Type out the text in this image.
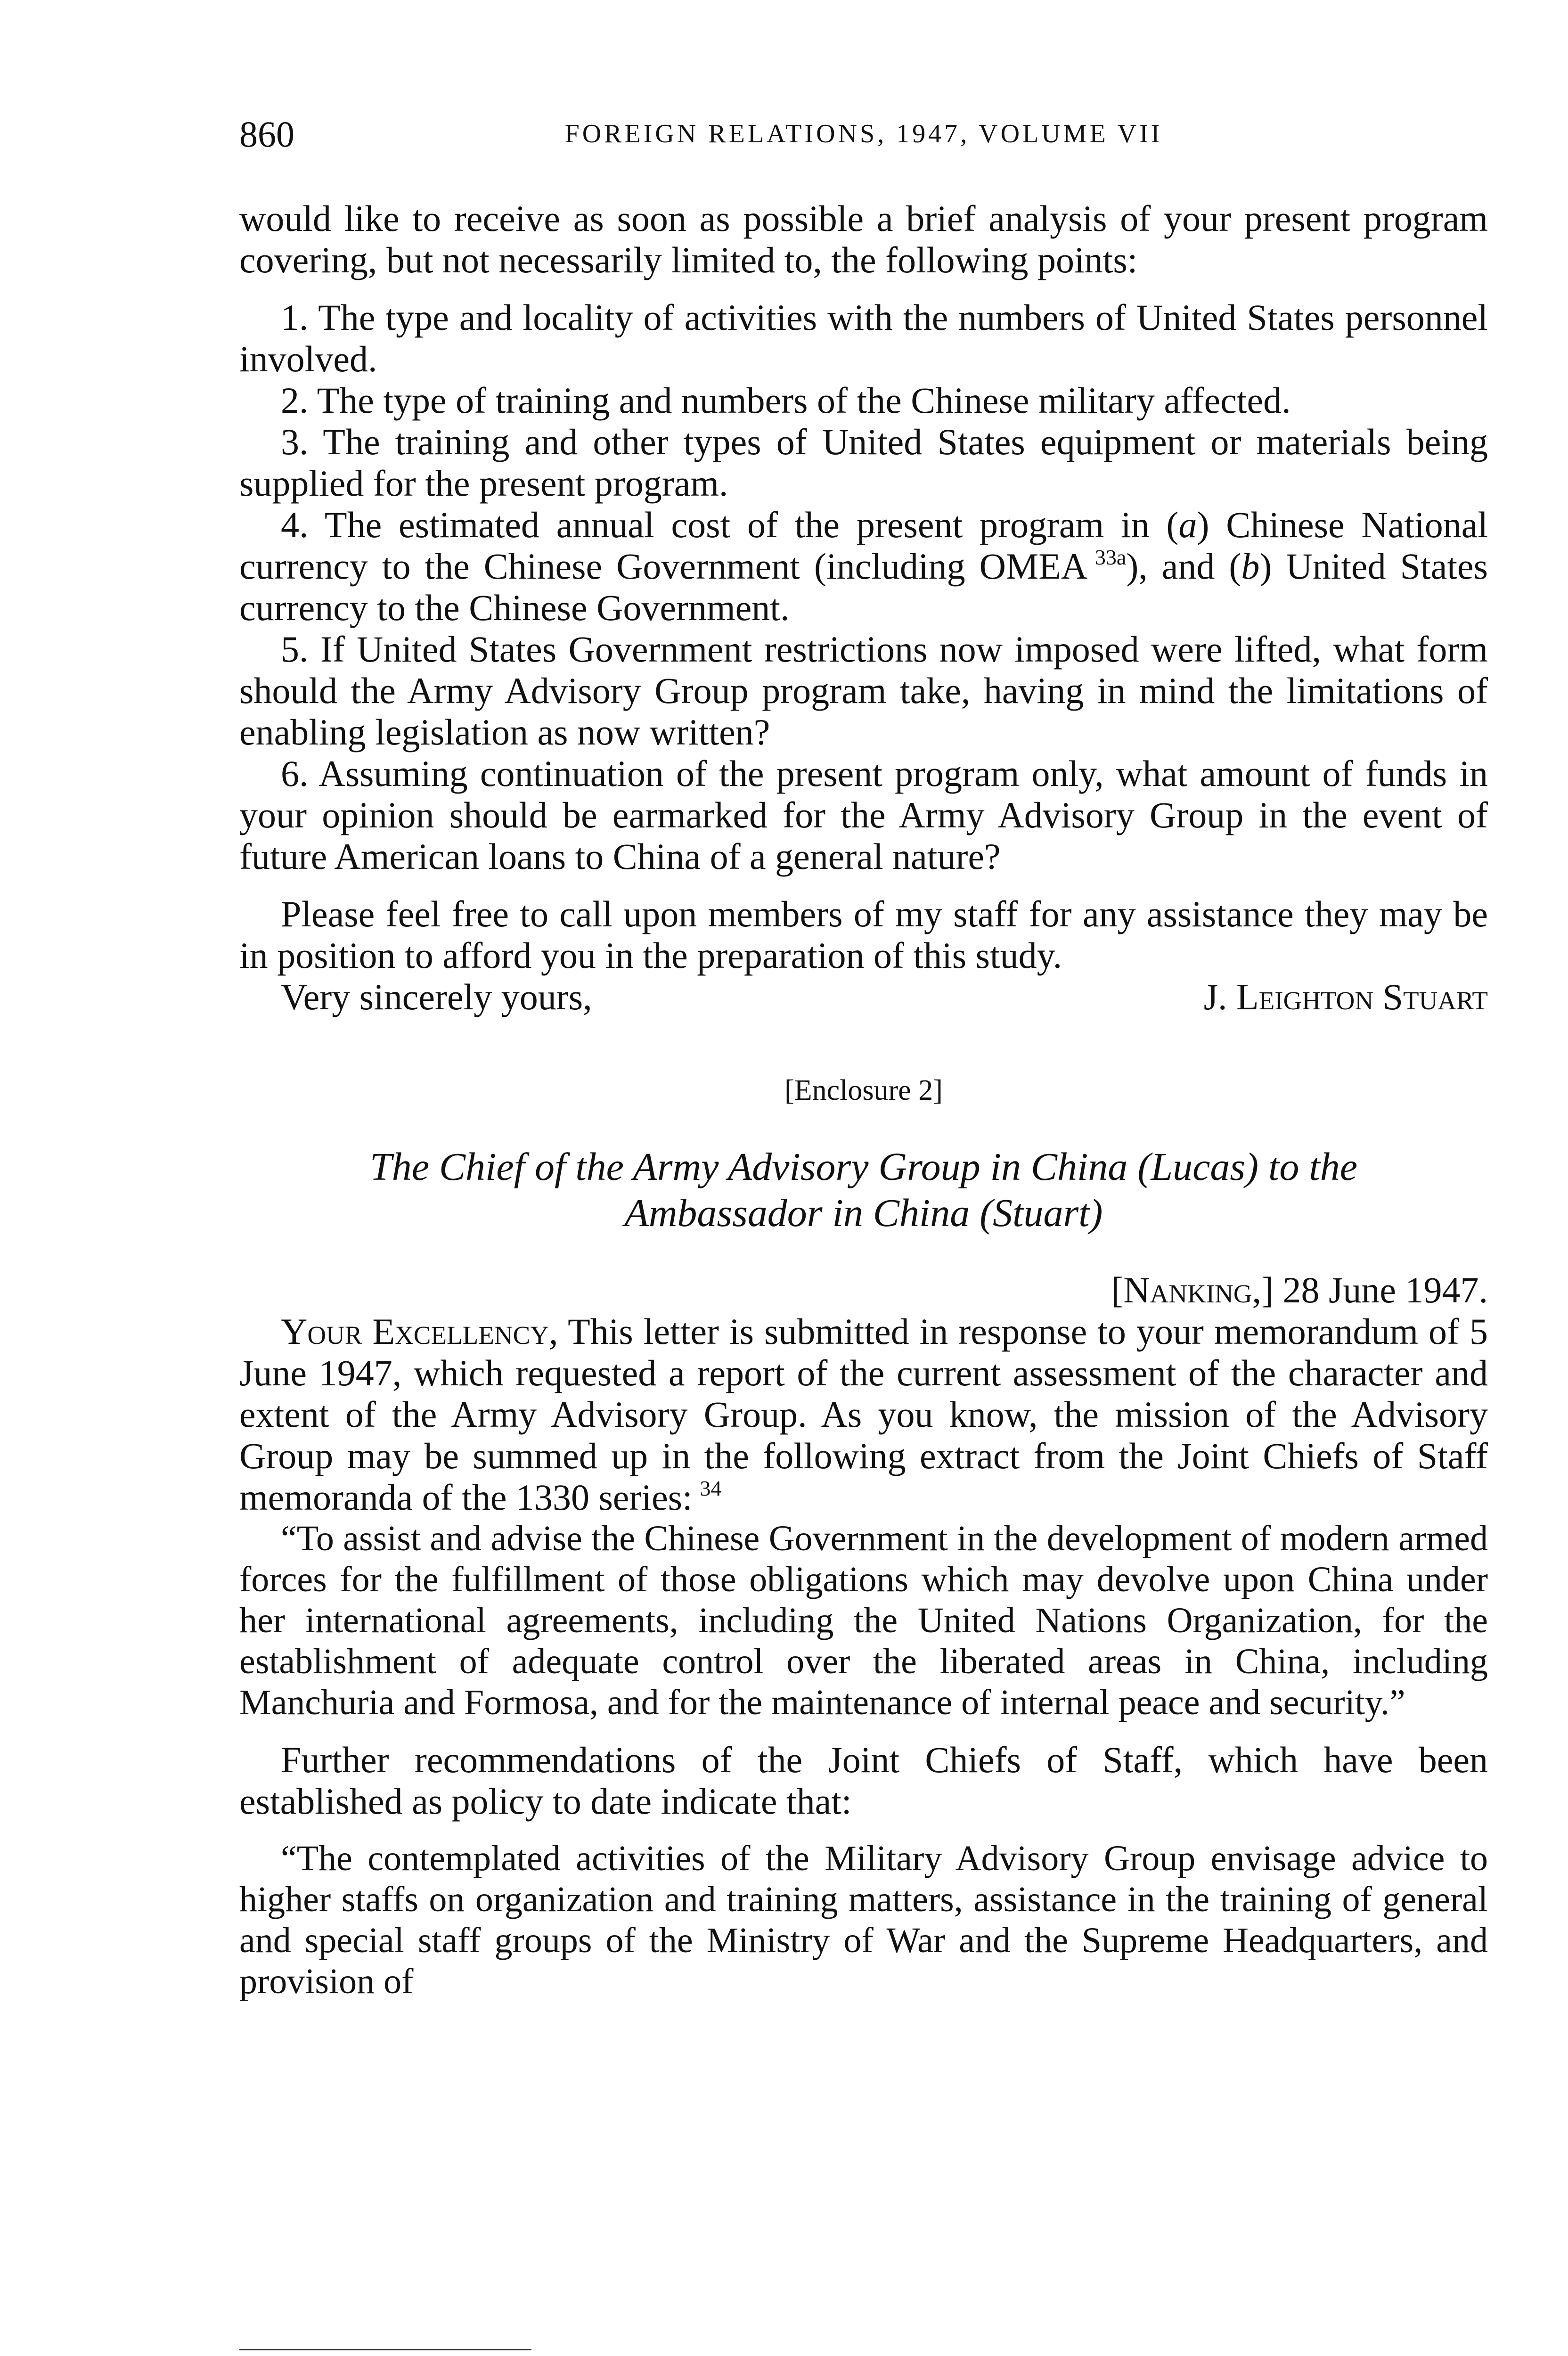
860	FOREIGN RELATIONS, 1947, VOLUME VII

would like to receive as soon as possible a brief analysis of your present program covering, but not necessarily limited to, the following points:

1. The type and locality of activities with the numbers of United States personnel involved.

2. The type of training and numbers of the Chinese military affected.

3. The training and other types of United States equipment or materials being supplied for the present program.

4. The estimated annual cost of the present program in (a) Chinese National currency to the Chinese Government (including OMEA  $^{33a}$), and (b) United States currency to the Chinese Government.

5. If United States Government restrictions now imposed were lifted, what form should the Army Advisory Group program take, having in mind the limitations of enabling legislation as now written?

6. Assuming continuation of the present program only, what amount of funds in your opinion should be earmarked for the Army Advisory Group in the event of future American loans to China of a general nature?

Please feel free to call upon members of my staff for any assistance they may be in position to afford you in the preparation of this study.

Very sincerely yours,	J. Leighton Stuart

[Enclosure 2]

The Chief of the Army Advisory Group in China (Lucas) to the
Ambassador in China (Stuart)

[Nanking,] 28 June 1947.

Your Excellency, This letter is submitted in response to your memorandum of 5 June 1947, which requested a report of the current assessment of the character and extent of the Army Advisory Group. As you know, the mission of the Advisory Group may be summed up in the following extract from the Joint Chiefs of Staff memoranda of the 1330 series:  $^{34}$

“To assist and advise the Chinese Government in the development of modern armed forces for the fulfillment of those obligations which may devolve upon China under her international agreements, including the United Nations Organization, for the establishment of adequate control over the liberated areas in China, including Manchuria and Formosa, and for the maintenance of internal peace and security.”

Further recommendations of the Joint Chiefs of Staff, which have been established as policy to date indicate that:

“The contemplated activities of the Military Advisory Group envisage advice to higher staffs on organization and training matters, assistance in the training of general and special staff groups of the Ministry of War and the Supreme Headquarters, and provision of
